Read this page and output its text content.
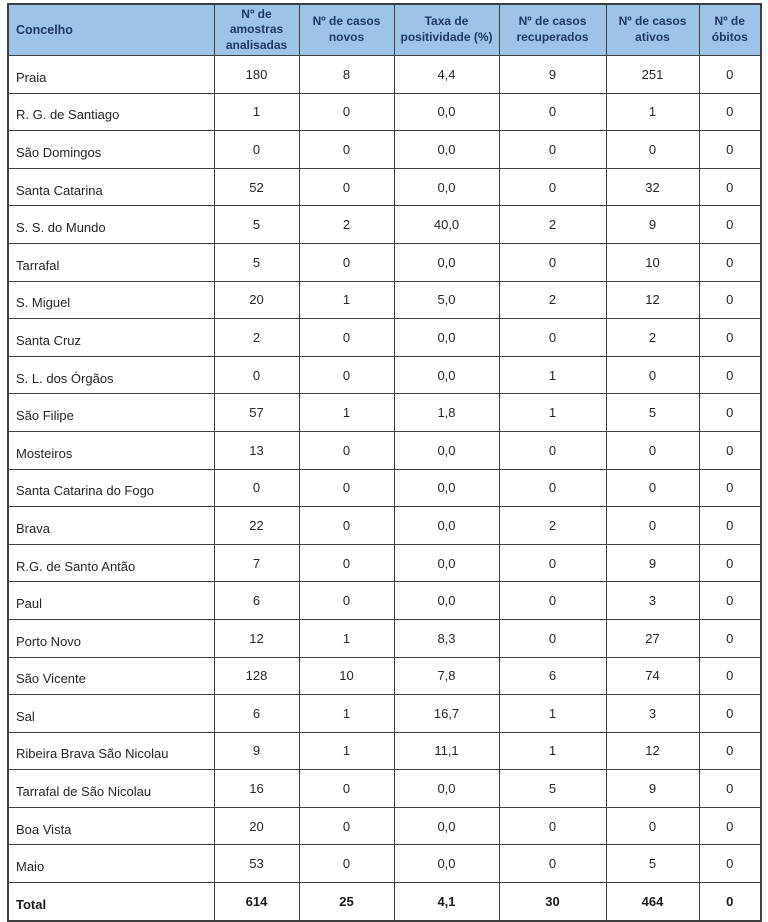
Concelho	Nº de amostras analisadas	Nº de casos novos	Taxa de positividade (%)	Nº de casos recuperados	Nº de casos ativos	Nº de óbitos
Praia	180	8	4,4	9	251	0
R. G. de Santiago	1	0	0,0	0	1	0
São Domingos	0	0	0,0	0	0	0
Santa Catarina	52	0	0,0	0	32	0
S. S. do Mundo	5	2	40,0	2	9	0
Tarrafal	5	0	0,0	0	10	0
S. Miguel	20	1	5,0	2	12	0
Santa Cruz	2	0	0,0	0	2	0
S. L. dos Órgãos	0	0	0,0	1	0	0
São Filipe	57	1	1,8	1	5	0
Mosteiros	13	0	0,0	0	0	0
Santa Catarina do Fogo	0	0	0,0	0	0	0
Brava	22	0	0,0	2	0	0
R.G. de Santo Antão	7	0	0,0	0	9	0
Paul	6	0	0,0	0	3	0
Porto Novo	12	1	8,3	0	27	0
São Vicente	128	10	7,8	6	74	0
Sal	6	1	16,7	1	3	0
Ribeira Brava São Nicolau	9	1	11,1	1	12	0
Tarrafal de São Nicolau	16	0	0,0	5	9	0
Boa Vista	20	0	0,0	0	0	0
Maio	53	0	0,0	0	5	0
Total	614	25	4,1	30	464	0
